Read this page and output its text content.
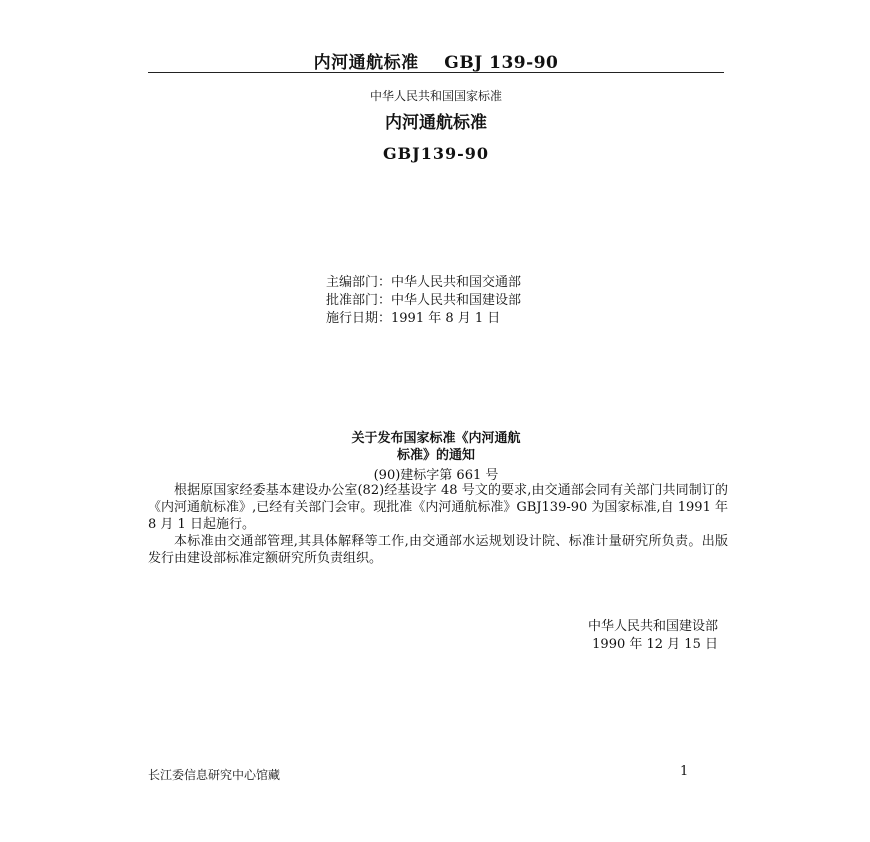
内河通航标准    GBJ 139-90
中华人民共和国国家标准
内河通航标准
GBJ139-90
主编部门：中华人民共和国交通部
批准部门：中华人民共和国建设部
施行日期：1991 年 8 月 1 日
关于发布国家标准《内河通航
标准》的通知
(90)建标字第 661 号

根据原国家经委基本建设办公室(82)经基设字 48 号文的要求,由交通部会同有关部门共同制订的《内河通航标准》,已经有关部门会审。现批准《内河通航标准》GBJ139-90 为国家标准,自 1991 年 8 月 1 日起施行。

本标准由交通部管理,其具体解释等工作,由交通部水运规划设计院、标准计量研究所负责。出版发行由建设部标准定额研究所负责组织。

中华人民共和国建设部
1990 年 12 月 15 日
长江委信息研究中心馆藏	1
